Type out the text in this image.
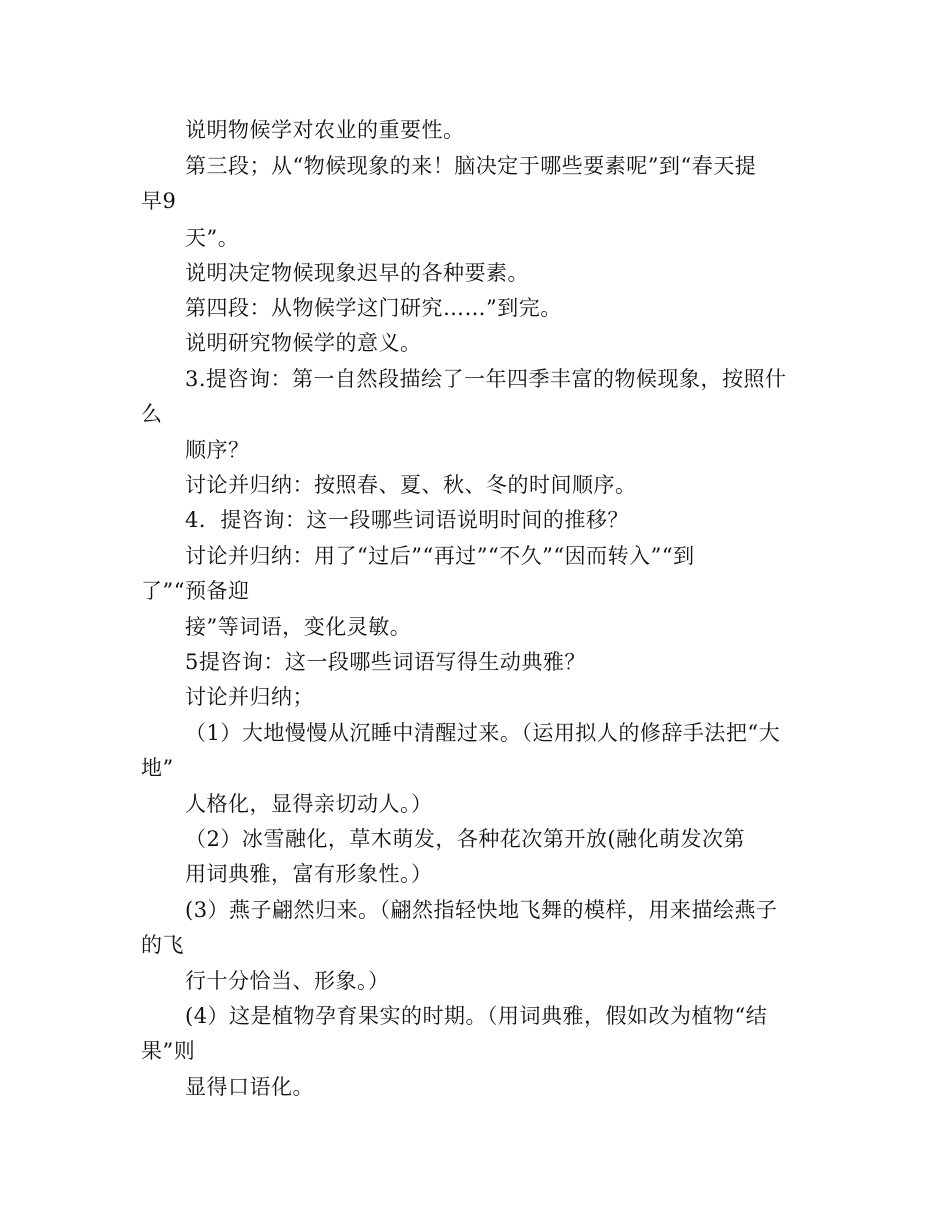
说明物候学对农业的重要性。
第三段；从“物候现象的来！脑决定于哪些要素呢”到“春天提
早9
天”。
说明决定物候现象迟早的各种要素。
第四段：从物候学这门研究……”到完。
说明研究物候学的意义。
3.提咨询：第一自然段描绘了一年四季丰富的物候现象，按照什
么
顺序？
讨论并归纳：按照春、夏、秋、冬的时间顺序。
4．提咨询：这一段哪些词语说明时间的推移？
讨论并归纳：用了“过后”“再过”“不久”“因而转入”“到
了”“预备迎
接”等词语，变化灵敏。
5提咨询：这一段哪些词语写得生动典雅？
讨论并归纳；
（1）大地慢慢从沉睡中清醒过来。（运用拟人的修辞手法把“大
地”
人格化，显得亲切动人。）
（2）冰雪融化，草木萌发，各种花次第开放(融化萌发次第
用词典雅，富有形象性。）
(3）燕子翩然归来。（翩然指轻快地飞舞的模样，用来描绘燕子
的飞
行十分恰当、形象。）
(4）这是植物孕育果实的时期。（用词典雅，假如改为植物“结
果”则
显得口语化。
